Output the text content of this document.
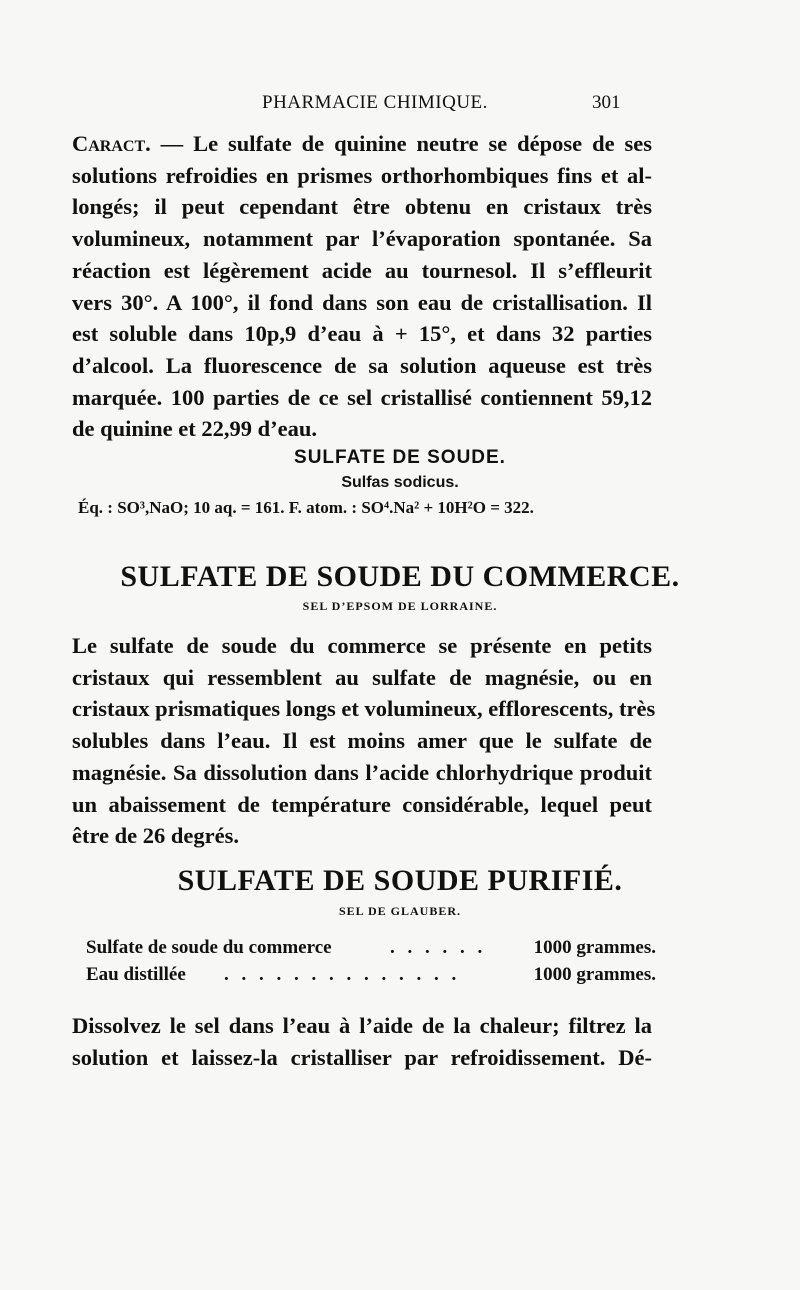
PHARMACIE CHIMIQUE.	301
Caract. — Le sulfate de quinine neutre se dépose de ses
solutions refroidies en prismes orthorhombiques fins et al-
longés; il peut cependant être obtenu en cristaux très
volumineux, notamment par l’évaporation spontanée. Sa
réaction est légèrement acide au tournesol. Il s’effleurit
vers 30°. A 100°, il fond dans son eau de cristallisation. Il
est soluble dans 10p,9 d’eau à + 15°, et dans 32 parties
d’alcool. La fluorescence de sa solution aqueuse est très
marquée. 100 parties de ce sel cristallisé contiennent 59,12
de quinine et 22,99 d’eau.
SULFATE DE SOUDE.
Sulfas sodicus.
Éq. : SO³,NaO; 10 aq. = 161. F. atom. : SO⁴.Na² + 10H²O = 322.
SULFATE DE SOUDE DU COMMERCE.
SEL D’EPSOM DE LORRAINE.
Le sulfate de soude du commerce se présente en petits
cristaux qui ressemblent au sulfate de magnésie, ou en
cristaux prismatiques longs et volumineux, efflorescents, très
solubles dans l’eau. Il est moins amer que le sulfate de
magnésie. Sa dissolution dans l’acide chlorhydrique produit
un abaissement de température considérable, lequel peut
être de 26 degrés.
SULFATE DE SOUDE PURIFIÉ.
SEL DE GLAUBER.
Sulfate de soude du commerce	. . . . . . 1000 grammes.
Eau distillée . . . . . . . . . . . . . .	1000 grammes.
Dissolvez le sel dans l’eau à l’aide de la chaleur; filtrez la
solution et laissez-la cristalliser par refroidissement. Dé-
